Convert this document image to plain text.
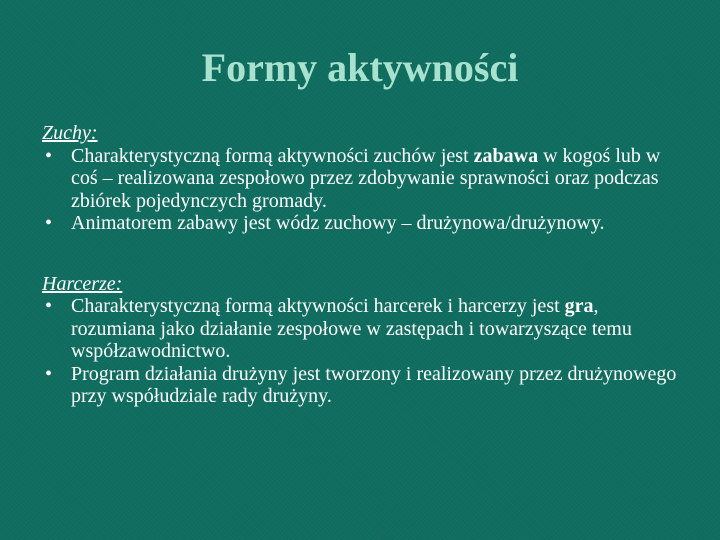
Formy aktywności

Zuchy:

• Charakterystyczną formą aktywności zuchów jest zabawa w kogoś lub w coś – realizowana zespołowo przez zdobywanie sprawności oraz podczas zbiórek pojedynczych gromady.
• Animatorem zabawy jest wódz zuchowy – drużynowa/drużynowy.

Harcerze:

• Charakterystyczną formą aktywności harcerek i harcerzy jest gra, rozumiana jako działanie zespołowe w zastępach i towarzyszące temu współzawodnictwo.
• Program działania drużyny jest tworzony i realizowany przez drużynowego przy współudziale rady drużyny.
